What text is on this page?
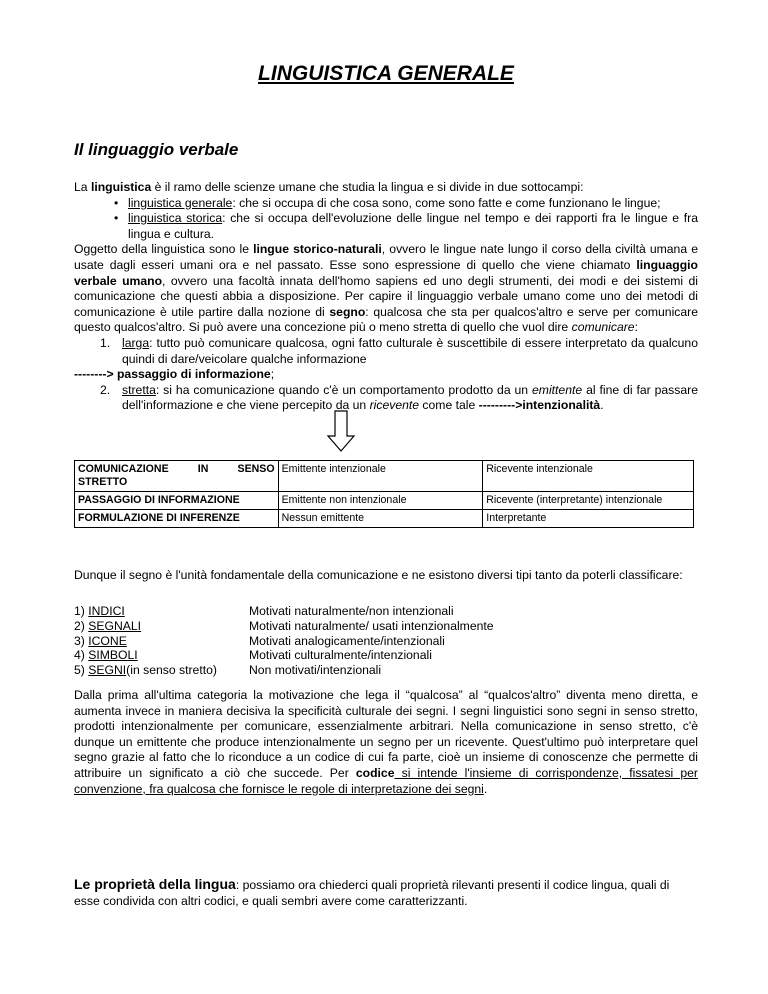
LINGUISTICA GENERALE
Il linguaggio verbale

La linguistica è il ramo delle scienze umane che studia la lingua e si divide in due sottocampi:

• linguistica generale: che si occupa di che cosa sono, come sono fatte e come funzionano le lingue;
• linguistica storica: che si occupa dell'evoluzione delle lingue nel tempo e dei rapporti fra le lingue e fra lingua e cultura.

Oggetto della linguistica sono le lingue storico-naturali, ovvero le lingue nate lungo il corso della civiltà umana e usate dagli esseri umani ora e nel passato. Esse sono espressione di quello che viene chiamato linguaggio verbale umano, ovvero una facoltà innata dell'homo sapiens ed uno degli strumenti, dei modi e dei sistemi di comunicazione che questi abbia a disposizione. Per capire il linguaggio verbale umano come uno dei metodi di comunicazione è utile partire dalla nozione di segno: qualcosa che sta per qualcos'altro e serve per comunicare questo qualcos'altro. Si può avere una concezione più o meno stretta di quello che vuol dire comunicare:

1. larga: tutto può comunicare qualcosa, ogni fatto culturale è suscettibile di essere interpretato da qualcuno quindi di dare/veicolare qualche informazione

--------> passaggio di informazione;

2. stretta: si ha comunicazione quando c'è un comportamento prodotto da un emittente al fine di far passare dell'informazione e che viene percepito da un ricevente come tale --------->intenzionalità.
COMUNICAZIONE IN SENSO
STRETTO	Emittente intenzionale	Ricevente intenzionale
PASSAGGIO DI INFORMAZIONE	Emittente non intenzionale	Ricevente (interpretante) intenzionale
FORMULAZIONE DI INFERENZE	Nessun emittente	Interpretante
Dunque il segno è l'unità fondamentale della comunicazione e ne esistono diversi tipi tanto da poterli classificare:
1) INDICI	Motivati naturalmente/non intenzionali
2) SEGNALI	Motivati naturalmente/ usati intenzionalmente
3) ICONE	Motivati analogicamente/intenzionali
4) SIMBOLI	Motivati culturalmente/intenzionali
5) SEGNI(in senso stretto)	Non motivati/intenzionali
Dalla prima all'ultima categoria la motivazione che lega il “qualcosa” al “qualcos'altro” diventa meno diretta, e aumenta invece in maniera decisiva la specificità culturale dei segni. I segni linguistici sono segni in senso stretto, prodotti intenzionalmente per comunicare, essenzialmente arbitrari. Nella comunicazione in senso stretto, c'è dunque un emittente che produce intenzionalmente un segno per un ricevente. Quest'ultimo può interpretare quel segno grazie al fatto che lo riconduce a un codice di cui fa parte, cioè un insieme di conoscenze che permette di attribuire un significato a ciò che succede. Per codice si intende l'insieme di corrispondenze, fissatesi per convenzione, fra qualcosa che fornisce le regole di interpretazione dei segni.
Le proprietà della lingua: possiamo ora chiederci quali proprietà rilevanti presenti il codice lingua, quali di esse condivida con altri codici, e quali sembri avere come caratterizzanti.
